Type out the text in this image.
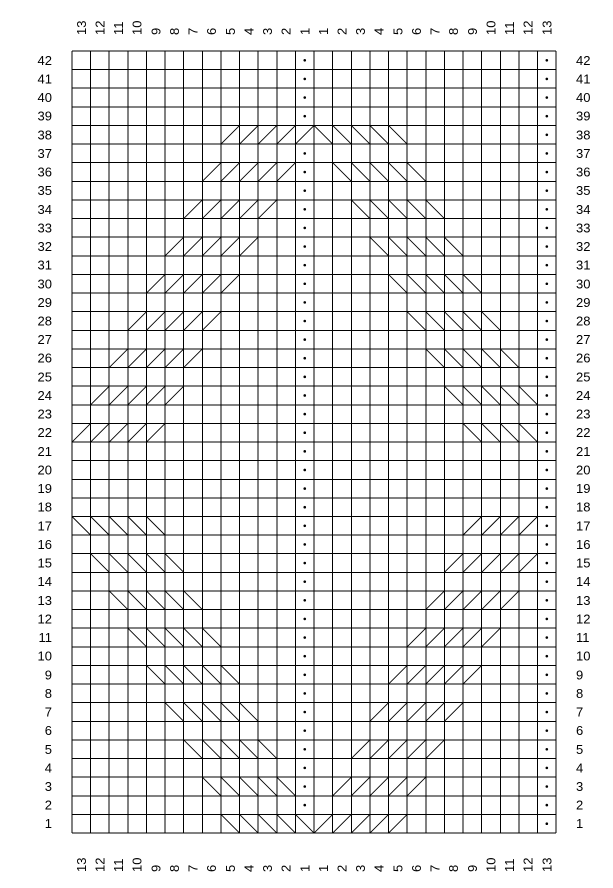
1
2
3
4
5
6
7
8
9
10
11
12
13
14
15
16
17
18
19
20
21
22
23
24
25
26
27
28
29
30
31
32
33
34
35
36
37
38
39
40
41
42
1
2
3
4
5
6
7
8
9
10
11
12
13
14
15
16
17
18
19
20
21
22
23
24
25
26
27
28
29
30
31
32
33
34
35
36
37
38
39
40
41
42
13 12 11 10 9 8 7 6 5 4 3 2 1 1 2 3 4 5 6 7 8 9 10 11 12 13
13 12 11 10 9 8 7 6 5 4 3 2 1 1 2 3 4 5 6 7 8 9 10 11 12 13
